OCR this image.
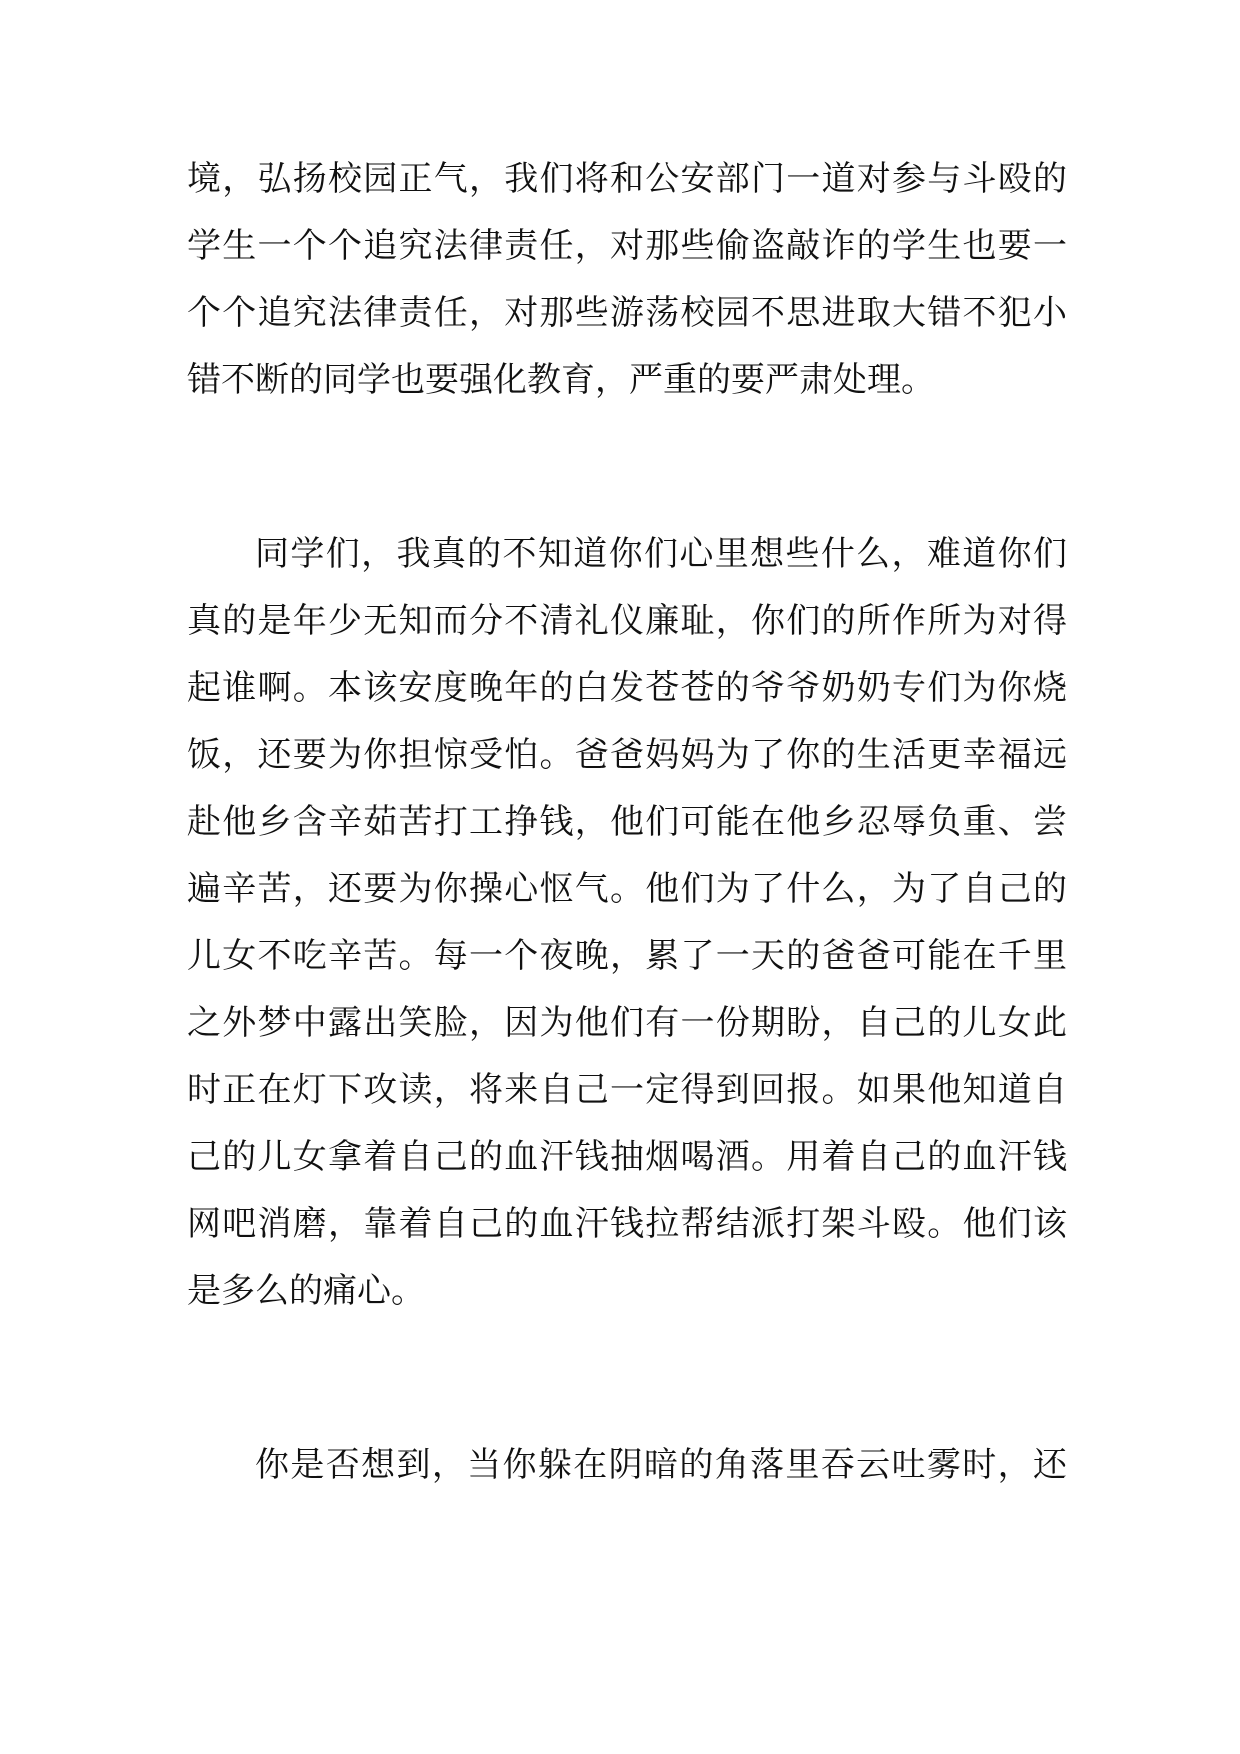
境，弘扬校园正气，我们将和公安部门一道对参与斗殴的
学生一个个追究法律责任，对那些偷盗敲诈的学生也要一
个个追究法律责任，对那些游荡校园不思进取大错不犯小
错不断的同学也要强化教育，严重的要严肃处理。
同学们，我真的不知道你们心里想些什么，难道你们
真的是年少无知而分不清礼仪廉耻，你们的所作所为对得
起谁啊。本该安度晚年的白发苍苍的爷爷奶奶专们为你烧
饭，还要为你担惊受怕。爸爸妈妈为了你的生活更幸福远
赴他乡含辛茹苦打工挣钱，他们可能在他乡忍辱负重、尝
遍辛苦，还要为你操心怄气。他们为了什么，为了自己的
儿女不吃辛苦。每一个夜晚，累了一天的爸爸可能在千里
之外梦中露出笑脸，因为他们有一份期盼，自己的儿女此
时正在灯下攻读，将来自己一定得到回报。如果他知道自
己的儿女拿着自己的血汗钱抽烟喝酒。用着自己的血汗钱
网吧消磨，靠着自己的血汗钱拉帮结派打架斗殴。他们该
是多么的痛心。
你是否想到，当你躲在阴暗的角落里吞云吐雾时，还
